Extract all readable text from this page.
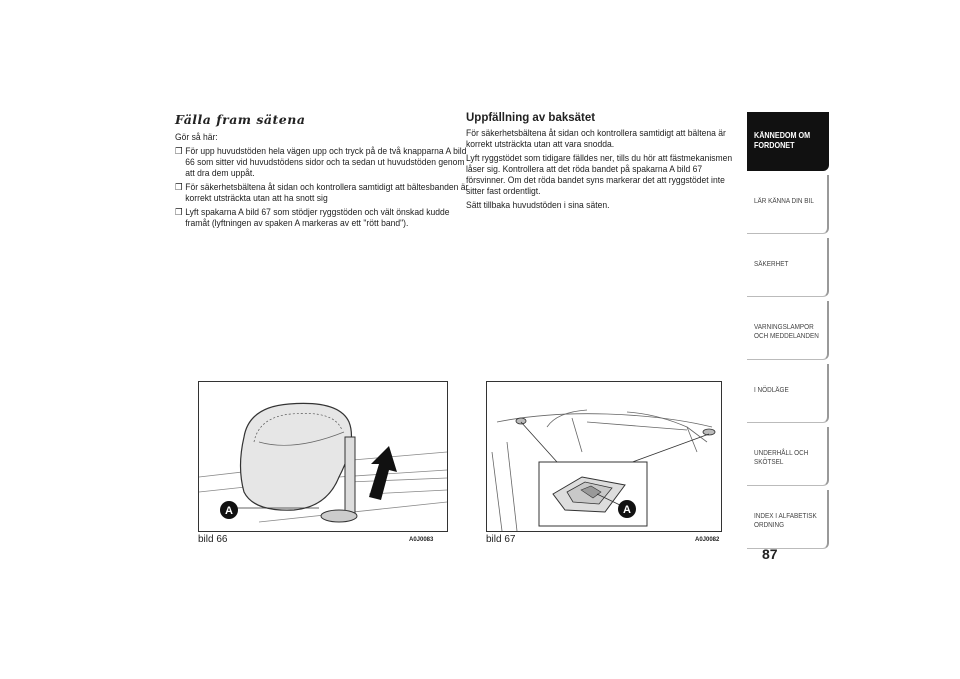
Fälla fram sätena
Gör så här:
❒ För upp huvudstöden hela vägen upp och tryck på de två knapparna A bild 66 som sitter vid huvudstödens sidor och ta sedan ut huvudstöden genom att dra dem uppåt.
❒ För säkerhetsbältena åt sidan och kontrollera samtidigt att bältesbanden är korrekt utsträckta utan att ha snott sig
❒ Lyft spakarna A bild 67 som stödjer ryggstöden och vält önskad kudde framåt (lyftningen av spaken A markeras av ett "rött band").
Uppfällning av baksätet
För säkerhetsbältena åt sidan och kontrollera samtidigt att bältena är korrekt utsträckta utan att vara snodda.
Lyft ryggstödet som tidigare fälldes ner, tills du hör att fästmekanismen låser sig. Kontrollera att det röda bandet på spakarna A bild 67 försvinner. Om det röda bandet syns markerar det att ryggstödet inte sitter fast ordentligt.
Sätt tillbaka huvudstöden i sina säten.
A
bild 66	A0J0083
A
bild 67	A0J0082
KÄNNEDOM OM FORDONET
LÄR KÄNNA DIN BIL
SÄKERHET
VARNINGSLAMPOR OCH MEDDELANDEN
I NÖDLÄGE
UNDERHÅLL OCH SKÖTSEL
INDEX I ALFABETISK ORDNING
87
